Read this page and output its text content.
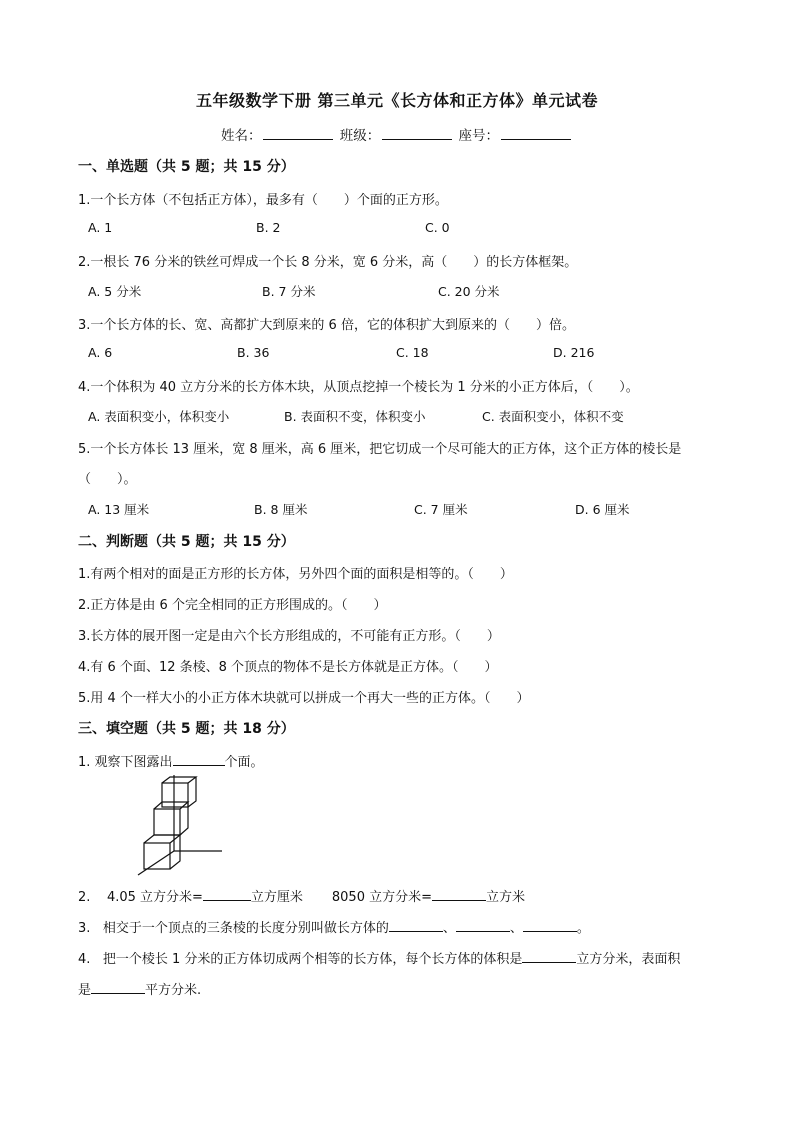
五年级数学下册 第三单元《长方体和正方体》单元试卷
姓名：	班级：	座号：
一、单选题（共 5 题；共 15 分）
1.一个长方体（不包括正方体），最多有（　　）个面的正方形。
A. 1	B. 2	C. 0
2.一根长 76 分米的铁丝可焊成一个长 8 分米，宽 6 分米，高（　　）的长方体框架。
A. 5 分米	B. 7 分米	C. 20 分米
3.一个长方体的长、宽、高都扩大到原来的 6 倍，它的体积扩大到原来的（　　）倍。
A. 6	B. 36	C. 18	D. 216
4.一个体积为 40 立方分米的长方体木块，从顶点挖掉一个棱长为 1 分米的小正方体后，（　　）。
A. 表面积变小，体积变小	B. 表面积不变，体积变小	C. 表面积变小，体积不变
5.一个长方体长 13 厘米，宽 8 厘米，高 6 厘米，把它切成一个尽可能大的正方体，这个正方体的棱长是
（　　）。
A. 13 厘米	B. 8 厘米	C. 7 厘米	D. 6 厘米
二、判断题（共 5 题；共 15 分）
1.有两个相对的面是正方形的长方体，另外四个面的面积是相等的。（　　）
2.正方体是由 6 个完全相同的正方形围成的。（　　）
3.长方体的展开图一定是由六个长方形组成的，不可能有正方形。（　　）
4.有 6 个面、12 条棱、8 个顶点的物体不是长方体就是正方体。（　　）
5.用 4 个一样大小的小正方体木块就可以拼成一个再大一些的正方体。（　　）
三、填空题（共 5 题；共 18 分）
1. 观察下图露出	个面。
2. 4.05 立方分米=	立方厘米 8050 立方分米=	立方米
3. 相交于一个顶点的三条棱的长度分别叫做长方体的	、	、	。
4. 把一个棱长 1 分米的正方体切成两个相等的长方体，每个长方体的体积是	立方分米，表面积
是	平方分米.
